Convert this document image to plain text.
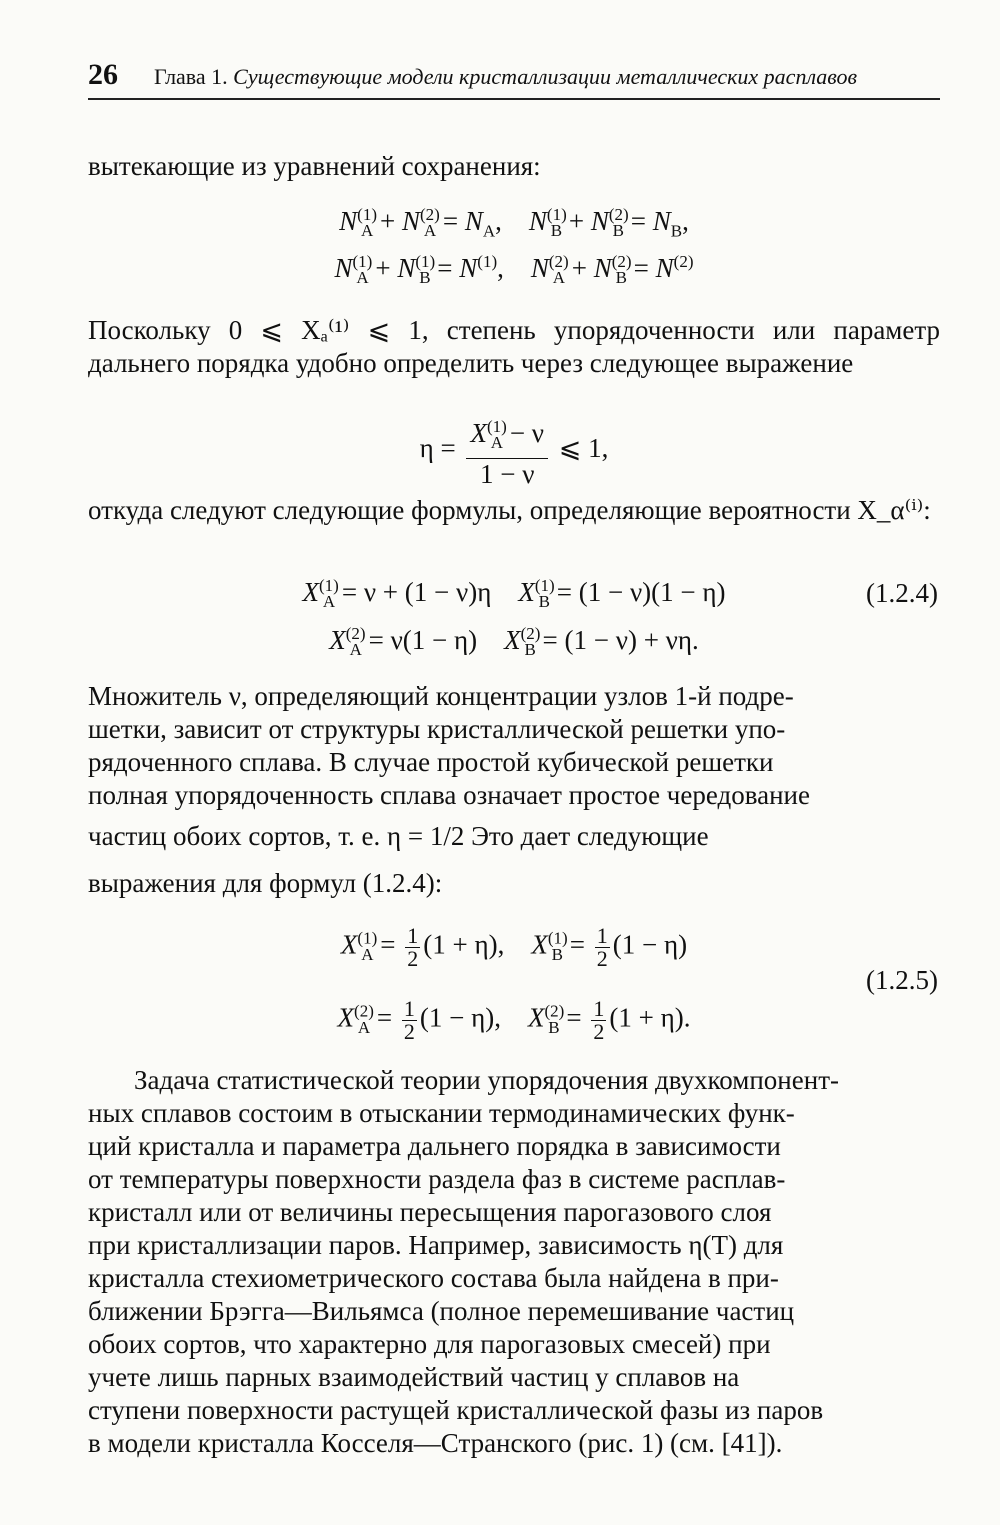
26 Глава 1. Существующие модели кристаллизации металлических расплавов
вытекающие из уравнений сохранения:
$N^{(1)}_A + N^{(2)}_A = N_A$,    $N^{(1)}_B + N^{(2)}_B = N_B$,
$N^{(1)}_A + N^{(1)}_B = N^{(1)}$,    $N^{(2)}_A + N^{(2)}_B = N^{(2)}$
Поскольку 0 ⩽ Xₐ⁽¹⁾ ⩽ 1, степень упорядоченности или параметр дальнего порядка удобно определить через следующее выражение
$\eta = \frac{X^{(1)}_A - \nu}{1 - \nu}$ ⩽ 1,
откуда следуют следующие формулы, определяющие вероятности X_α⁽ⁱ⁾:
$X^{(1)}_A = \nu + (1 - \nu)\eta$    $X^{(1)}_B = (1 - \nu)(1 - \eta)$	(1.2.4)
$X^{(2)}_A = \nu(1 - \eta)$    $X^{(2)}_B = (1 - \nu) + \nu\eta$.
Множитель ν, определяющий концентрации узлов 1-й подре-
шетки, зависит от структуры кристаллической решетки упо-
рядоченного сплава. В случае простой кубической решетки
полная упорядоченность сплава означает простое чередование
частиц обоих сортов, т. е. η = 1/2 Это дает следующие
выражения для формул (1.2.4):
$X^{(1)}_A = \frac{1}{2} (1 + \eta)$,    $X^{(1)}_B = \frac{1}{2} (1 - \eta)$
(1.2.5)
$X^{(2)}_A = \frac{1}{2} (1 - \eta)$,    $X^{(2)}_B = \frac{1}{2} (1 + \eta)$.
Задача статистической теории упорядочения двухкомпонент-
ных сплавов состоим в отыскании термодинамических функ-
ций кристалла и параметра дальнего порядка в зависимости
от температуры поверхности раздела фаз в системе расплав-
кристалл или от величины пересыщения парогазового слоя
при кристаллизации паров. Например, зависимость η(T) для
кристалла стехиометрического состава была найдена в при-
ближении Брэгга—Вильямса (полное перемешивание частиц
обоих сортов, что характерно для парогазовых смесей) при
учете лишь парных взаимодействий частиц у сплавов на
ступени поверхности растущей кристаллической фазы из паров
в модели кристалла Косселя—Странского (рис. 1) (см. [41]).
